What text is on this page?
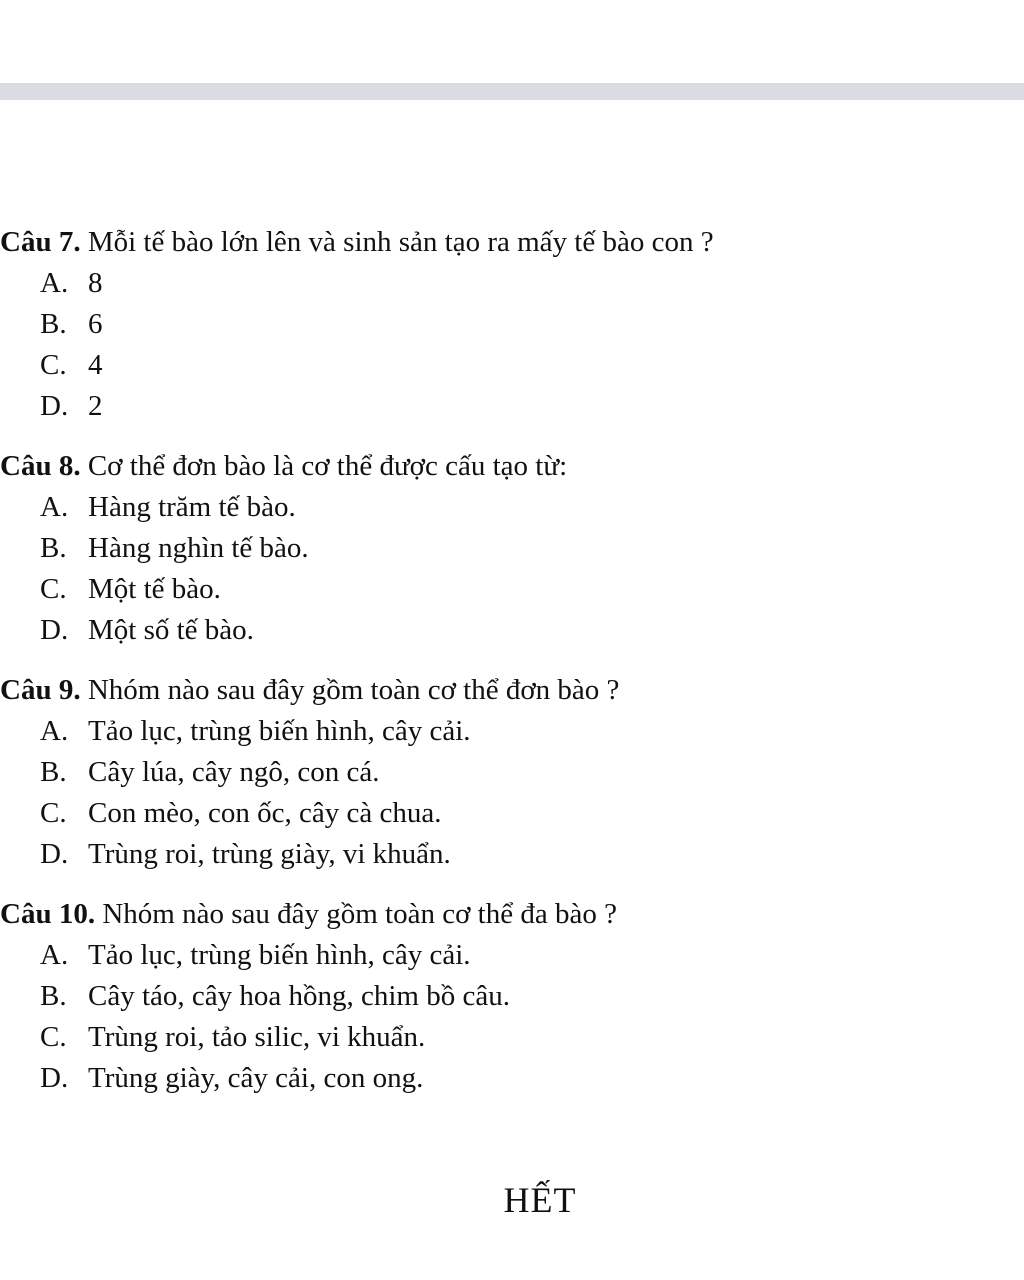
Câu 7. Mỗi tế bào lớn lên và sinh sản tạo ra mấy tế bào con ?
A. 8
B. 6
C. 4
D. 2
Câu 8. Cơ thể đơn bào là cơ thể được cấu tạo từ:
A. Hàng trăm tế bào.
B. Hàng nghìn tế bào.
C. Một tế bào.
D. Một số tế bào.
Câu 9. Nhóm nào sau đây gồm toàn cơ thể đơn bào ?
A. Tảo lục, trùng biến hình, cây cải.
B. Cây lúa, cây ngô, con cá.
C. Con mèo, con ốc, cây cà chua.
D. Trùng roi, trùng giày, vi khuẩn.
Câu 10. Nhóm nào sau đây gồm toàn cơ thể đa bào ?
A. Tảo lục, trùng biến hình, cây cải.
B. Cây táo, cây hoa hồng, chim bồ câu.
C. Trùng roi, tảo silic, vi khuẩn.
D. Trùng giày, cây cải, con ong.
HẾT
